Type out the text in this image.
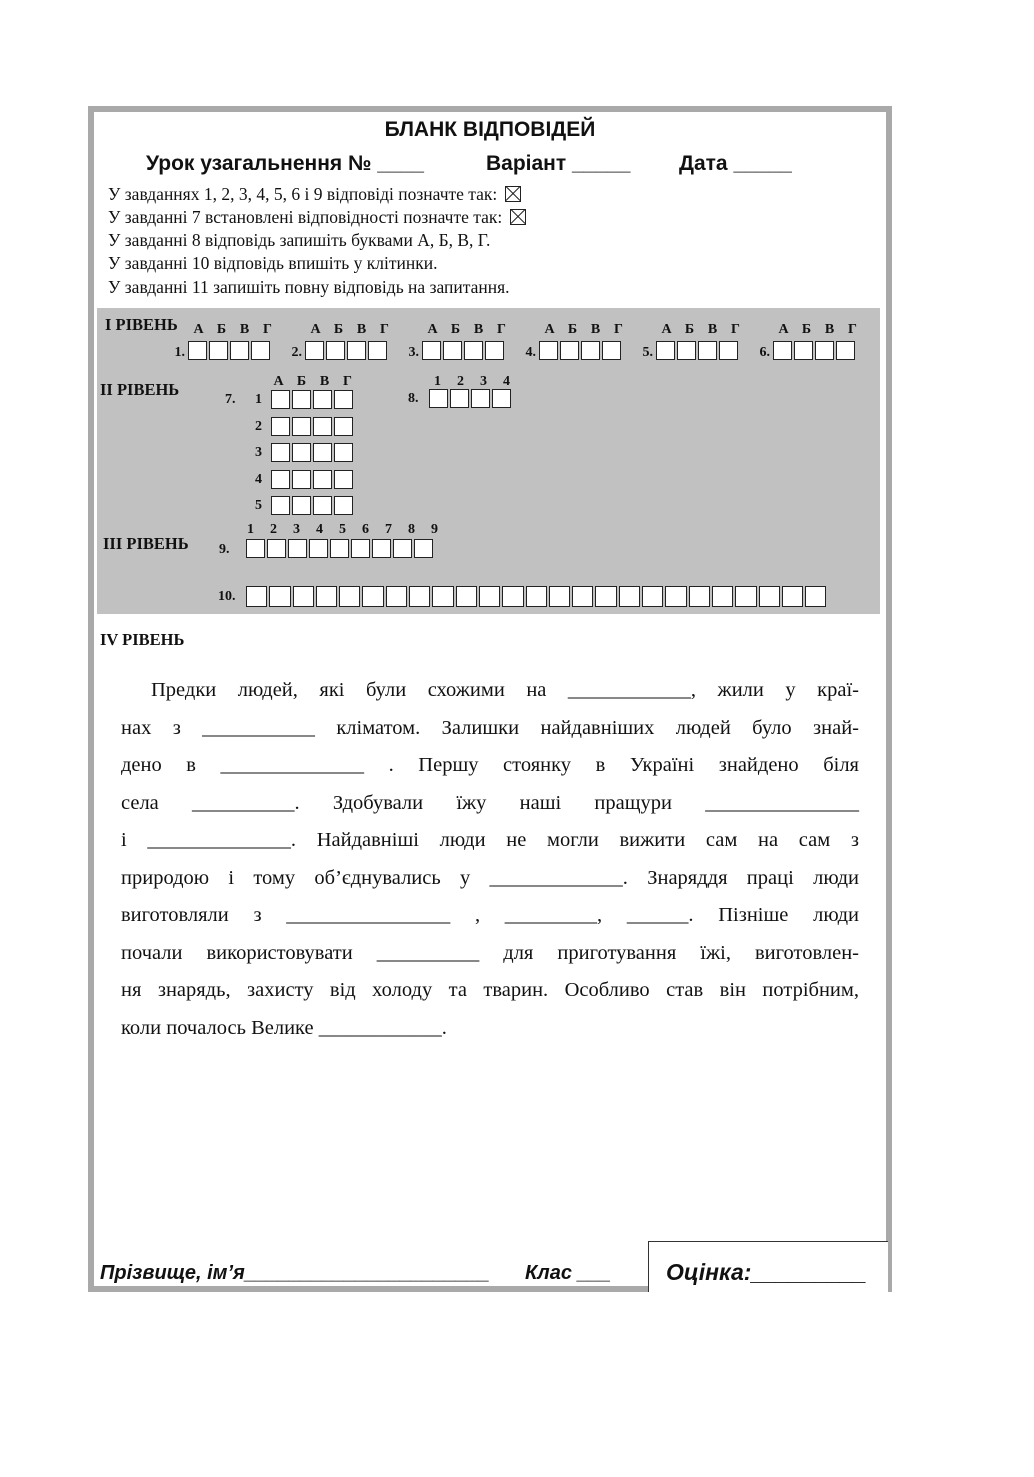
БЛАНК ВІДПОВІДЕЙ
Урок узагальнення № ____	Варіант _____ Дата _____
У завданнях 1, 2, 3, 4, 5, 6 і 9 відповіді позначте так:
У завданні 7 встановлені відповідності позначте так:
У завданні 8 відповідь запишіть буквами А, Б, В, Г.
У завданні 10 відповідь впишіть у клітинки.
У завданні 11 запишіть повну відповідь на запитання.
І РІВЕНЬ
1.
А Б В Г
2.
А Б В Г
3.
А Б В Г
4.
А Б В Г
5.
А Б В Г
6.
А Б В Г
ІІ РІВЕНЬ
7.
А Б В Г
1
2
3
4
5
8.
1	2	3	4
ІІІ РІВЕНЬ 9.
1	2	3	4	5	6	7	8	9
10.
IV РІВЕНЬ

Предки людей, які були схожими на ____________, жили у краї-

нах з ___________ кліматом. Залишки найдавніших людей було знай-

дено в ______________ . Першу стоянку в Україні знайдено біля

села __________. Здобували їжу наші пращури _______________

і ______________. Найдавніші люди не могли вижити сам на сам з

природою і тому об’єднувались у _____________. Знаряддя праці люди

виготовляли з ________________ , _________, ______. Пізніше люди

почали використовувати __________ для приготування їжі, виготовлен-

ня знарядь, захисту від холоду та тварин. Особливо став він потрібним,

коли почалось Велике ____________.

Прізвище, ім’я______________________ Клас ___ Оцінка:_________
